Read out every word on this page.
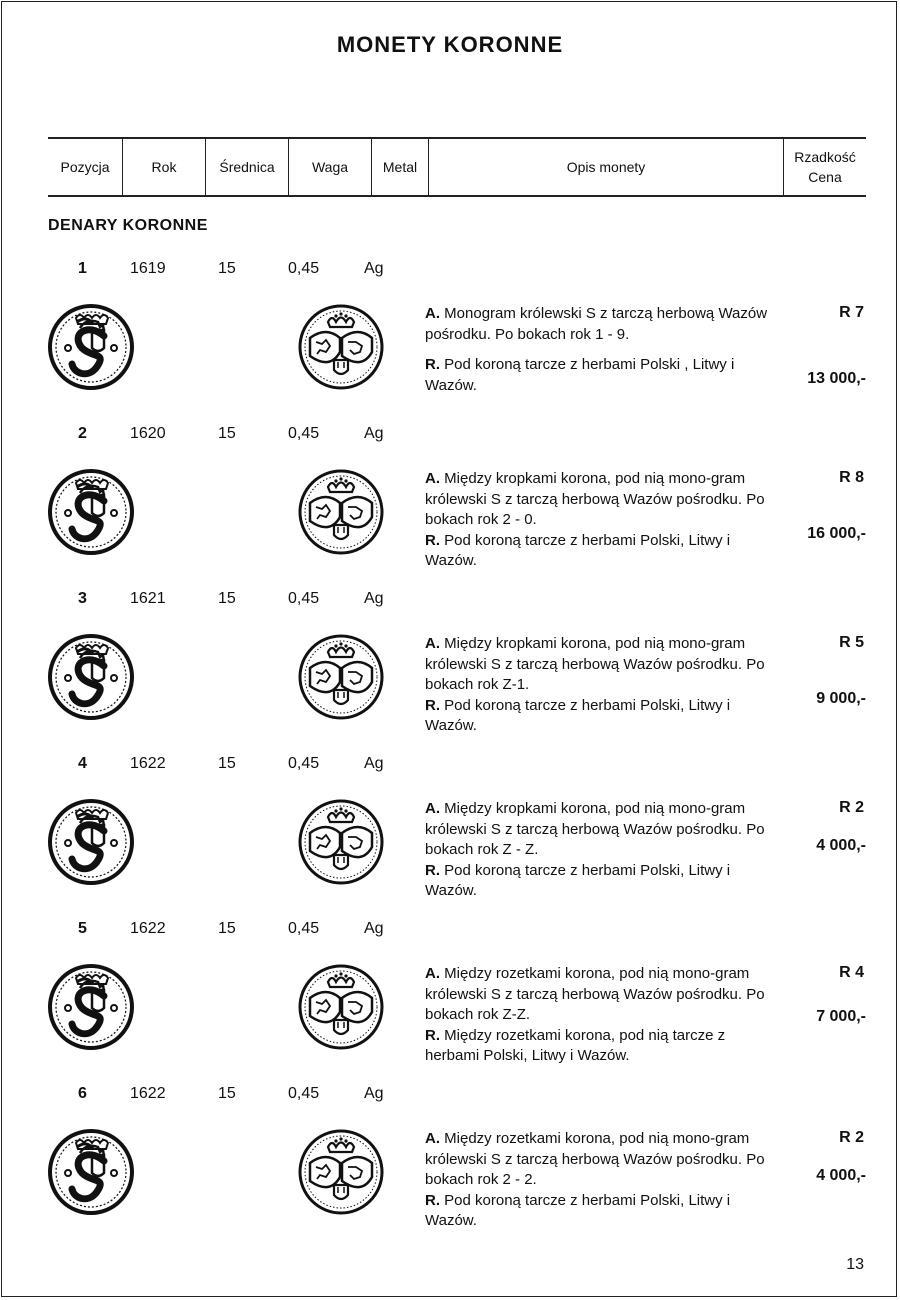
MONETY KORONNE
Pozycja	Rok	Średnica	Waga	Metal	Opis monety	Rzadkość
Cena
DENARY KORONNE
1	1619	15	0,45	Ag

A. Monogram królewski S z tarczą herbową Wazów pośrodku. Po bokach rok 1 - 9.

R. Pod koroną tarcze z herbami Polski , Litwy i Wazów.

R 7
13 000,-
2	1620	15	0,45	Ag

A. Między kropkami korona, pod nią mono-gram królewski S z tarczą herbową Wazów pośrodku. Po bokach rok 2 - 0.

R. Pod koroną tarcze z herbami Polski, Litwy i Wazów.

R 8
16 000,-
3	1621	15	0,45	Ag

A. Między kropkami korona, pod nią mono-gram królewski S z tarczą herbową Wazów pośrodku. Po bokach rok Z-1.

R. Pod koroną tarcze z herbami Polski, Litwy i Wazów.

R 5
9 000,-
4	1622	15	0,45	Ag

A. Między kropkami korona, pod nią mono-gram królewski S z tarczą herbową Wazów pośrodku. Po bokach rok Z - Z.

R. Pod koroną tarcze z herbami Polski, Litwy i Wazów.

R 2
4 000,-
5	1622	15	0,45	Ag

A. Między rozetkami korona, pod nią mono-gram królewski S z tarczą herbową Wazów pośrodku. Po bokach rok Z-Z.

R. Między rozetkami korona, pod nią tarcze z herbami Polski, Litwy i Wazów.

R 4
7 000,-
6	1622	15	0,45	Ag

A. Między rozetkami korona, pod nią mono-gram królewski S z tarczą herbową Wazów pośrodku. Po bokach rok 2 - 2.

R. Pod koroną tarcze z herbami Polski, Litwy i Wazów.

R 2
4 000,-
13
